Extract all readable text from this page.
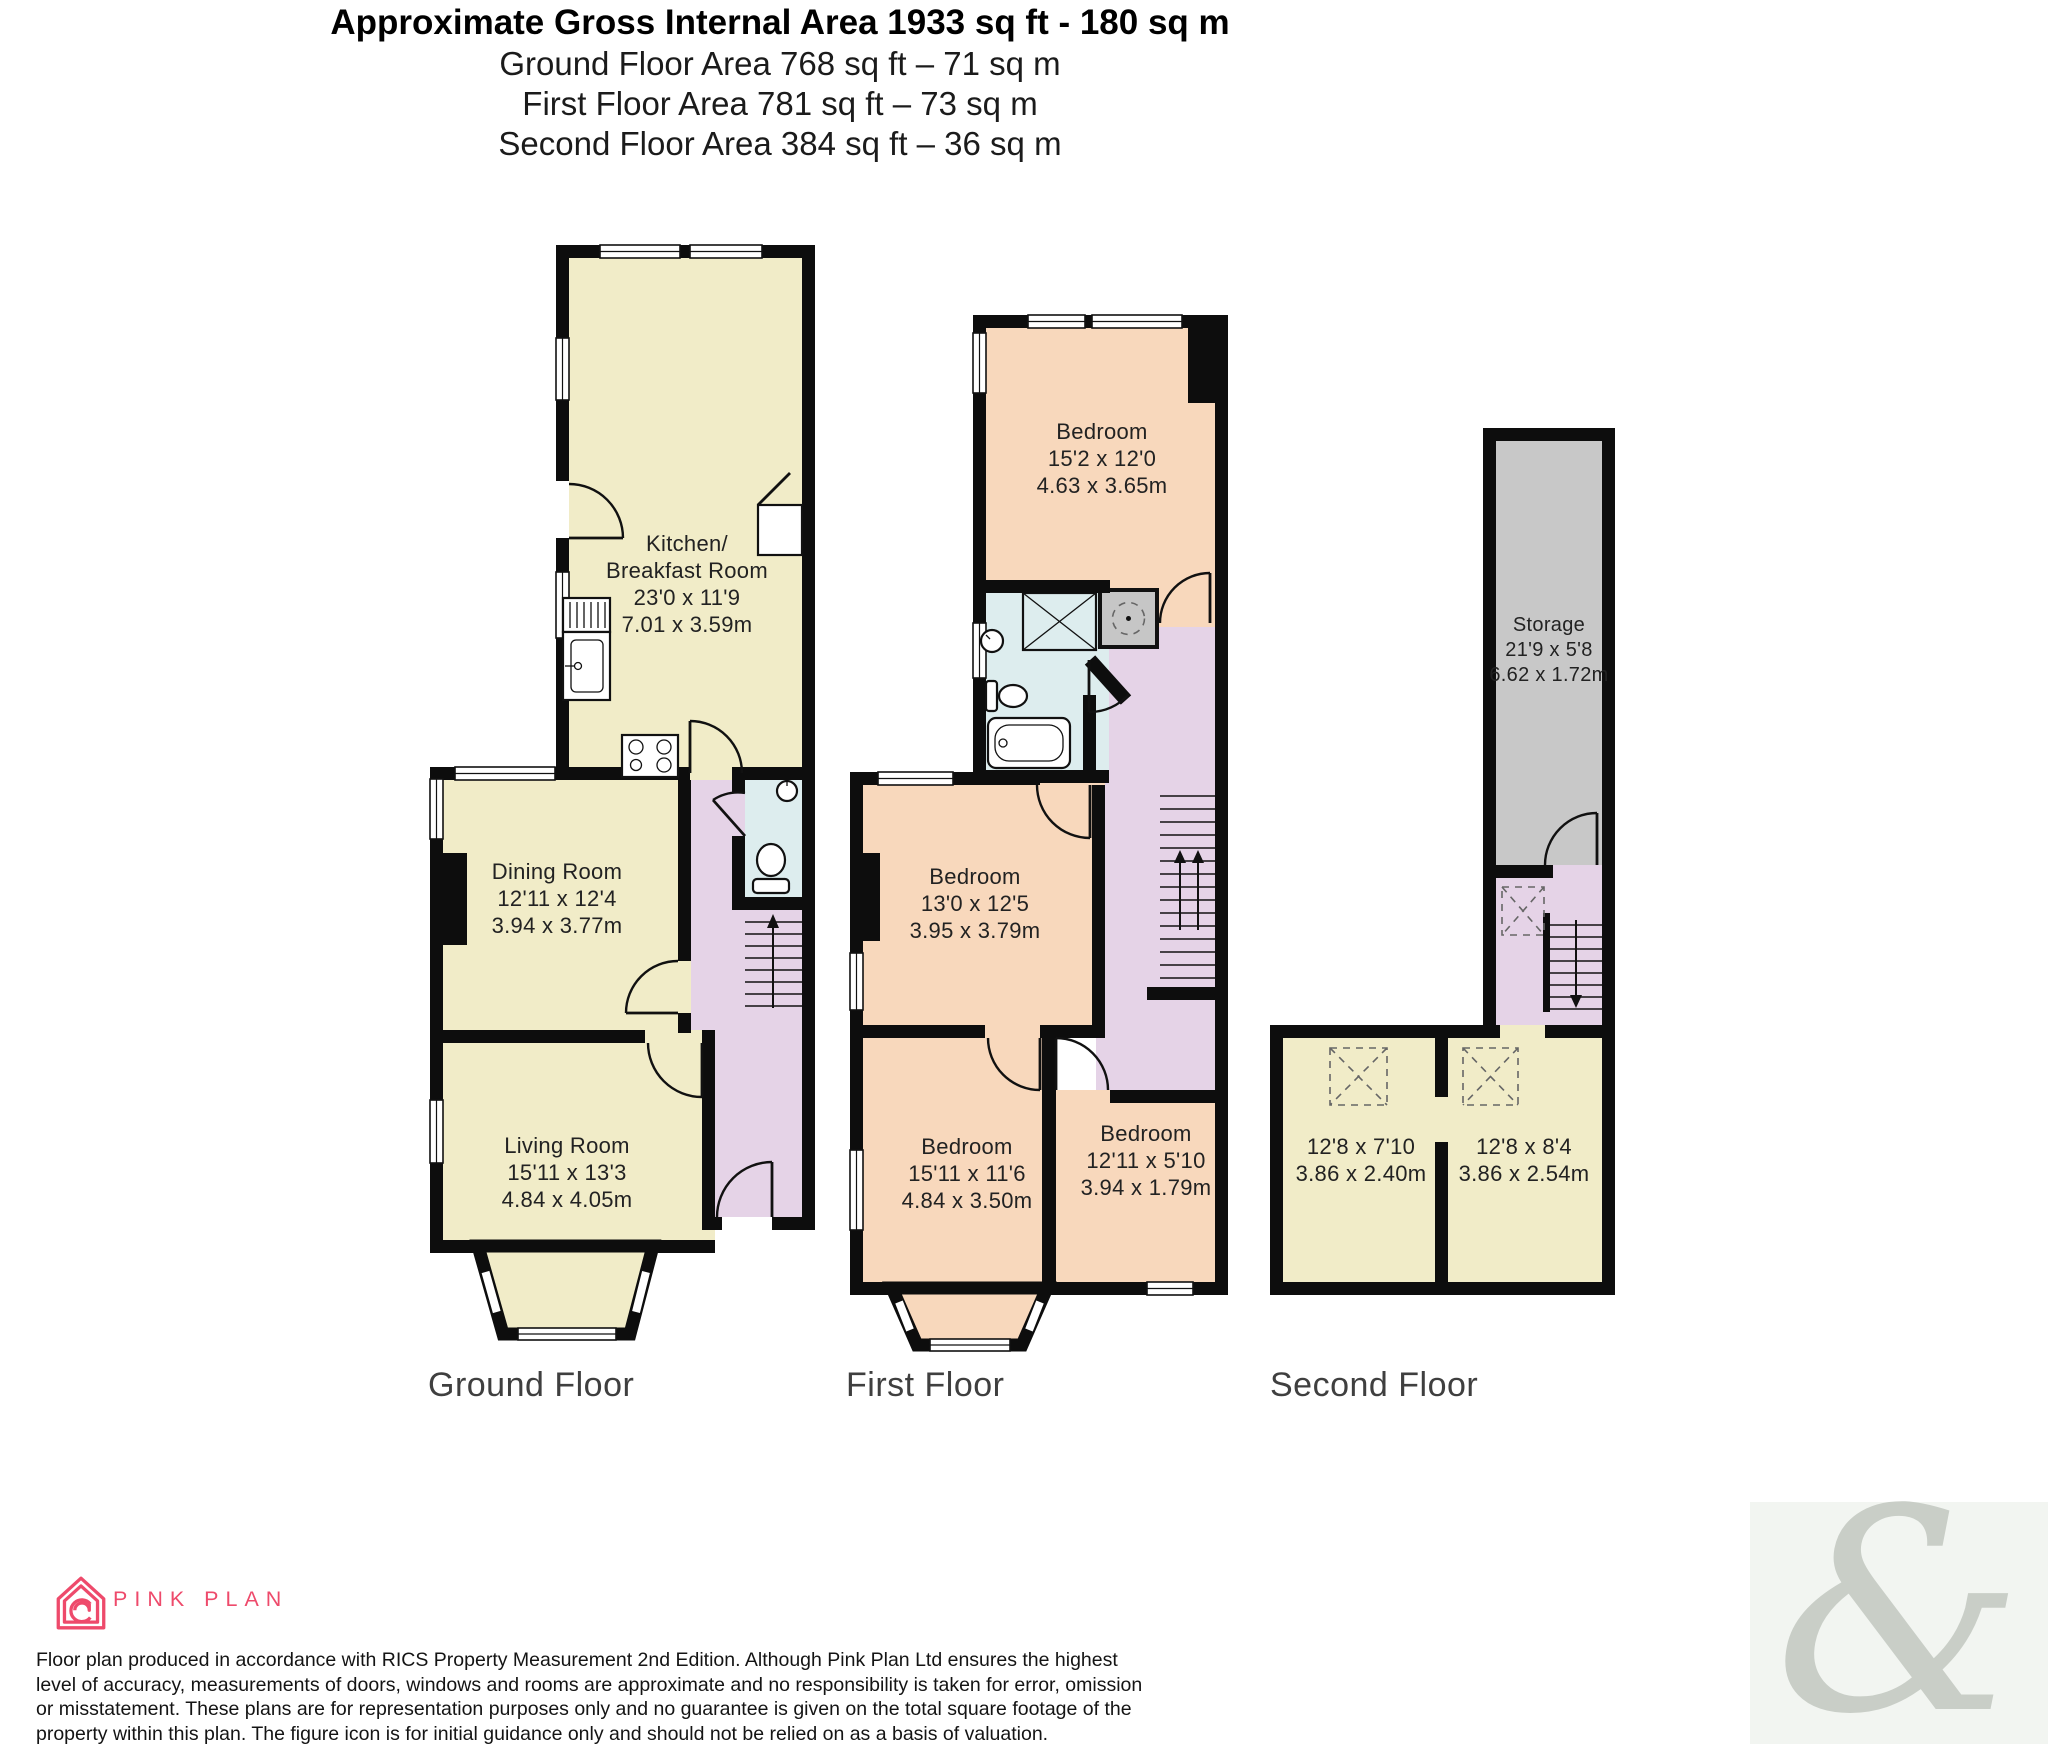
Approximate Gross Internal Area 1933 sq ft - 180 sq m
Ground Floor Area 768 sq ft – 71 sq m
First Floor Area 781 sq ft – 73 sq m
Second Floor Area 384 sq ft – 36 sq m
Kitchen/
Breakfast Room
23'0 x 11'9
7.01 x 3.59m
Dining Room
12'11 x 12'4
3.94 x 3.77m
Living Room
15'11 x 13'3
4.84 x 4.05m
Bedroom
15'2 x 12'0
4.63 x 3.65m
Bedroom
13'0 x 12'5
3.95 x 3.79m
Bedroom
15'11 x 11'6
4.84 x 3.50m
Bedroom
12'11 x 5'10
3.94 x 1.79m
Storage
21'9 x 5'8
6.62 x 1.72m
12'8 x 7'10
3.86 x 2.40m
12'8 x 8'4
3.86 x 2.54m
Ground Floor	First Floor	Second Floor
PINK PLAN
Floor plan produced in accordance with RICS Property Measurement 2nd Edition. Although Pink Plan Ltd ensures the highest
level of accuracy, measurements of doors, windows and rooms are approximate and no responsibility is taken for error, omission
or misstatement. These plans are for representation purposes only and no guarantee is given on the total square footage of the
property within this plan. The figure icon is for initial guidance only and should not be relied on as a basis of valuation.	&
